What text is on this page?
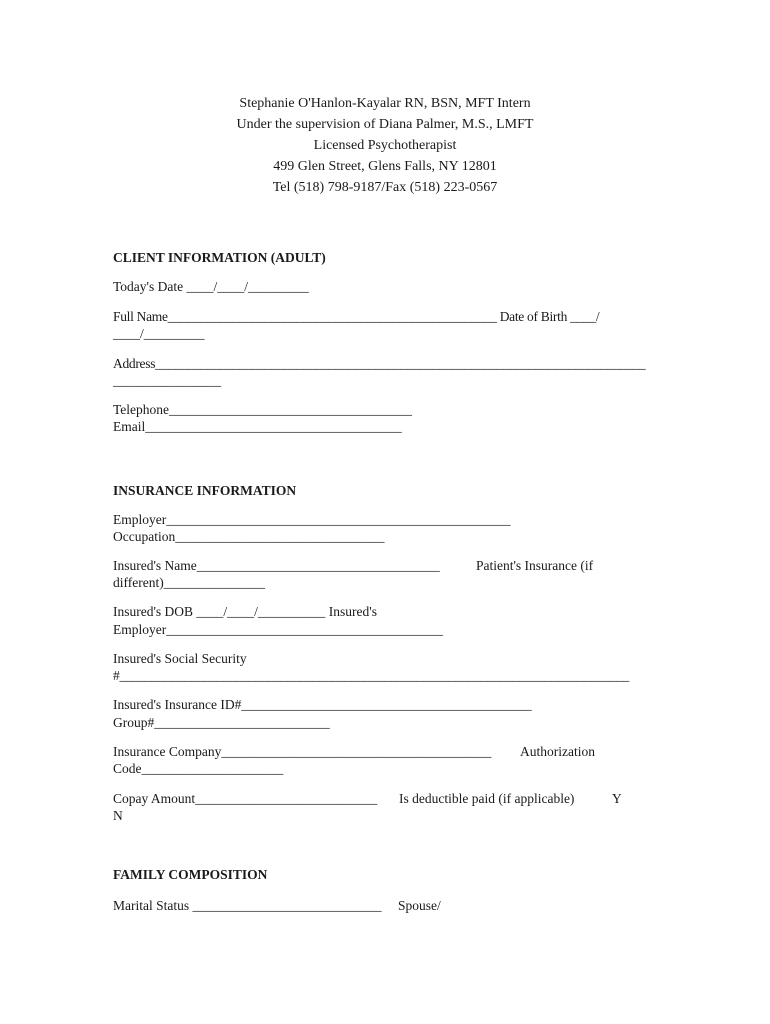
Stephanie O'Hanlon-Kayalar RN, BSN, MFT Intern
Under the supervision of Diana Palmer, M.S., LMFT
Licensed Psychotherapist
499 Glen Street, Glens Falls, NY 12801
Tel (518) 798-9187/Fax (518) 223-0567
CLIENT INFORMATION (ADULT)
Today's Date ____/____/_________
Full Name___________________________________________________ Date of Birth ____/
____/_________
Address____________________________________________________________________________
________________
Telephone____________________________________
Email______________________________________
INSURANCE INFORMATION
Employer___________________________________________________
Occupation_______________________________
Insured's Name____________________________________	Patient's Insurance (if
different)_______________
Insured's DOB ____/____/__________ Insured's
Employer_________________________________________
Insured's Social Security
#_______________________________________________________________________________
Insured's Insurance ID#___________________________________________
Group#__________________________
Insurance Company________________________________________ Authorization
Code_____________________
Copay Amount___________________________ Is deductible paid (if applicable)	Y
N
FAMILY COMPOSITION
Marital Status ____________________________ Spouse/
